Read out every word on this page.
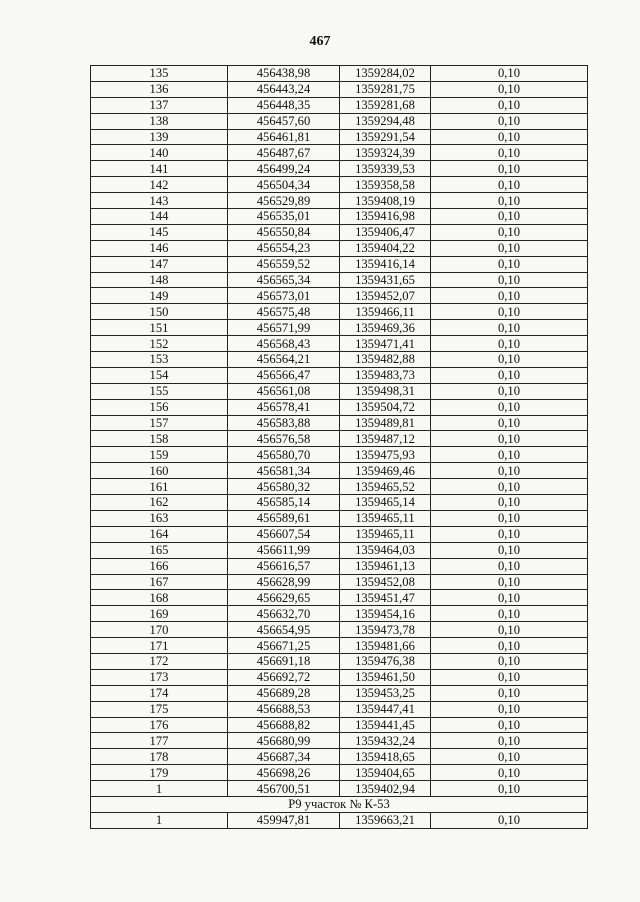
467
135	456438,98	1359284,02	0,10
136	456443,24	1359281,75	0,10
137	456448,35	1359281,68	0,10
138	456457,60	1359294,48	0,10
139	456461,81	1359291,54	0,10
140	456487,67	1359324,39	0,10
141	456499,24	1359339,53	0,10
142	456504,34	1359358,58	0,10
143	456529,89	1359408,19	0,10
144	456535,01	1359416,98	0,10
145	456550,84	1359406,47	0,10
146	456554,23	1359404,22	0,10
147	456559,52	1359416,14	0,10
148	456565,34	1359431,65	0,10
149	456573,01	1359452,07	0,10
150	456575,48	1359466,11	0,10
151	456571,99	1359469,36	0,10
152	456568,43	1359471,41	0,10
153	456564,21	1359482,88	0,10
154	456566,47	1359483,73	0,10
155	456561,08	1359498,31	0,10
156	456578,41	1359504,72	0,10
157	456583,88	1359489,81	0,10
158	456576,58	1359487,12	0,10
159	456580,70	1359475,93	0,10
160	456581,34	1359469,46	0,10
161	456580,32	1359465,52	0,10
162	456585,14	1359465,14	0,10
163	456589,61	1359465,11	0,10
164	456607,54	1359465,11	0,10
165	456611,99	1359464,03	0,10
166	456616,57	1359461,13	0,10
167	456628,99	1359452,08	0,10
168	456629,65	1359451,47	0,10
169	456632,70	1359454,16	0,10
170	456654,95	1359473,78	0,10
171	456671,25	1359481,66	0,10
172	456691,18	1359476,38	0,10
173	456692,72	1359461,50	0,10
174	456689,28	1359453,25	0,10
175	456688,53	1359447,41	0,10
176	456688,82	1359441,45	0,10
177	456680,99	1359432,24	0,10
178	456687,34	1359418,65	0,10
179	456698,26	1359404,65	0,10
1	456700,51	1359402,94	0,10
Р9 участок № К-53			
1	459947,81	1359663,21	0,10
